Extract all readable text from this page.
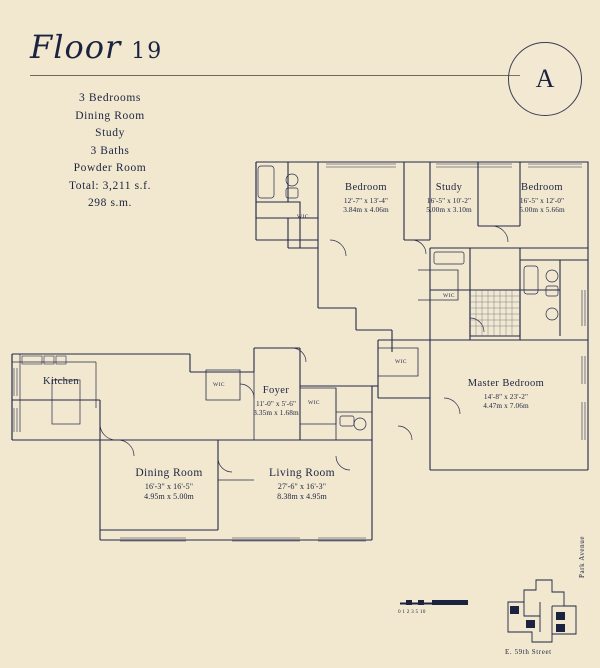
Floor 19
A
3 Bedrooms
Dining Room
Study
3 Baths
Powder Room
Total: 3,211 s.f.
298 s.m.
Bedroom
12'-7" x 13'-4"
3.84m x 4.06m
Study
16'-5" x 10'-2"
5.00m x 3.10m
Bedroom
16'-5" x 12'-0"
5.00m x 5.66m
Master Bedroom
14'-8" x 23'-2"
4.47m x 7.06m
Kitchen
Foyer
11'-0" x 5'-6"
3.35m x 1.68m
Dining Room
16'-3" x 16'-5"
4.95m x 5.00m
Living Room
27'-6" x 16'-3"
8.38m x 4.95m
WIC
WIC
WIC
WIC
WIC
0 1 2 3 5 10
E. 59th Street
Park Avenue
